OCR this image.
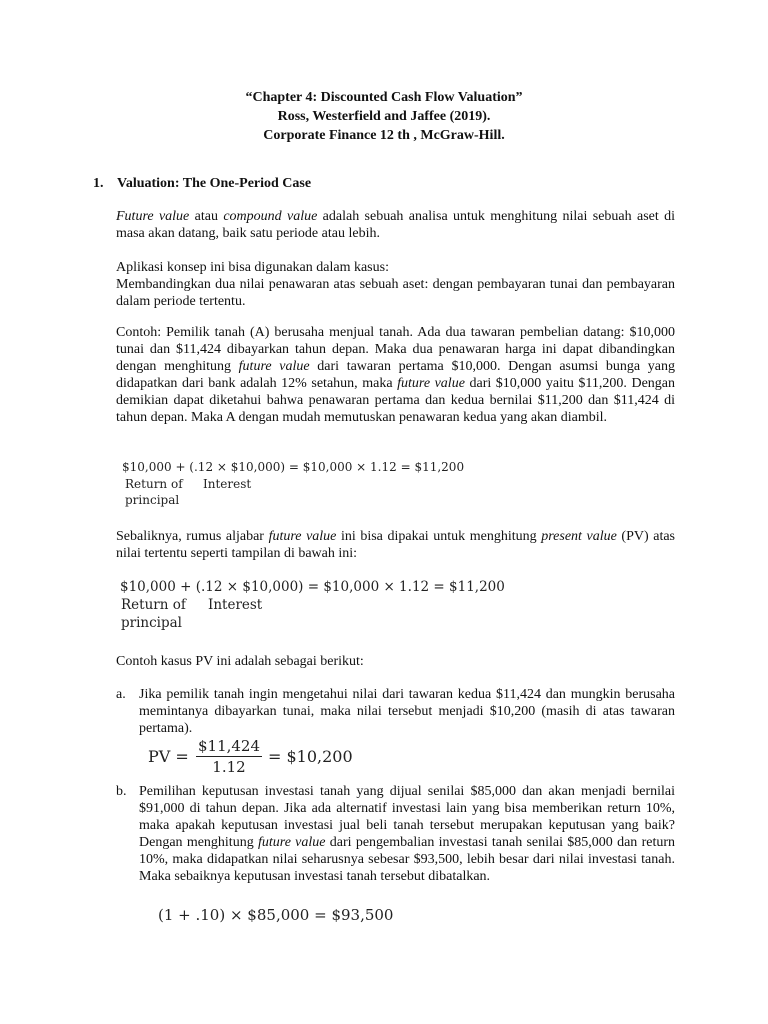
“Chapter 4: Discounted Cash Flow Valuation”
Ross, Westerfield and Jaffee (2019).
Corporate Finance 12 th , McGraw-Hill.
1. Valuation: The One-Period Case
Future value atau compound value adalah sebuah analisa untuk menghitung nilai sebuah aset di masa akan datang, baik satu periode atau lebih.
Aplikasi konsep ini bisa digunakan dalam kasus:
Membandingkan dua nilai penawaran atas sebuah aset: dengan pembayaran tunai dan pembayaran dalam periode tertentu.
Contoh: Pemilik tanah (A) berusaha menjual tanah. Ada dua tawaran pembelian datang: $10,000 tunai dan $11,424 dibayarkan tahun depan. Maka dua penawaran harga ini dapat dibandingkan dengan menghitung future value dari tawaran pertama $10,000. Dengan asumsi bunga yang didapatkan dari bank adalah 12% setahun, maka future value dari $10,000 yaitu $11,200. Dengan demikian dapat diketahui bahwa penawaran pertama dan kedua bernilai $11,200 dan $11,424 di tahun depan. Maka A dengan mudah memutuskan penawaran kedua yang akan diambil.
$10,000 + (.12 × $10,000) = $10,000 × 1.12 = $11,200
Return of
principal
Interest
Sebaliknya, rumus aljabar future value ini bisa dipakai untuk menghitung present value (PV) atas nilai tertentu seperti tampilan di bawah ini:
$10,000 + (.12 × $10,000) = $10,000 × 1.12 = $11,200
Return of
principal
Interest
Contoh kasus PV ini adalah sebagai berikut:
a. Jika pemilik tanah ingin mengetahui nilai dari tawaran kedua $11,424 dan mungkin berusaha memintanya dibayarkan tunai, maka nilai tersebut menjadi $10,200 (masih di atas tawaran pertama).
PV =
$11,424
1.12
= $10,200
b. Pemilihan keputusan investasi tanah yang dijual senilai $85,000 dan akan menjadi bernilai $91,000 di tahun depan. Jika ada alternatif investasi lain yang bisa memberikan return 10%, maka apakah keputusan investasi jual beli tanah tersebut merupakan keputusan yang baik? Dengan menghitung future value dari pengembalian investasi tanah senilai $85,000 dan return 10%, maka didapatkan nilai seharusnya sebesar $93,500, lebih besar dari nilai investasi tanah. Maka sebaiknya keputusan investasi tanah tersebut dibatalkan.
(1 + .10) × $85,000 = $93,500
